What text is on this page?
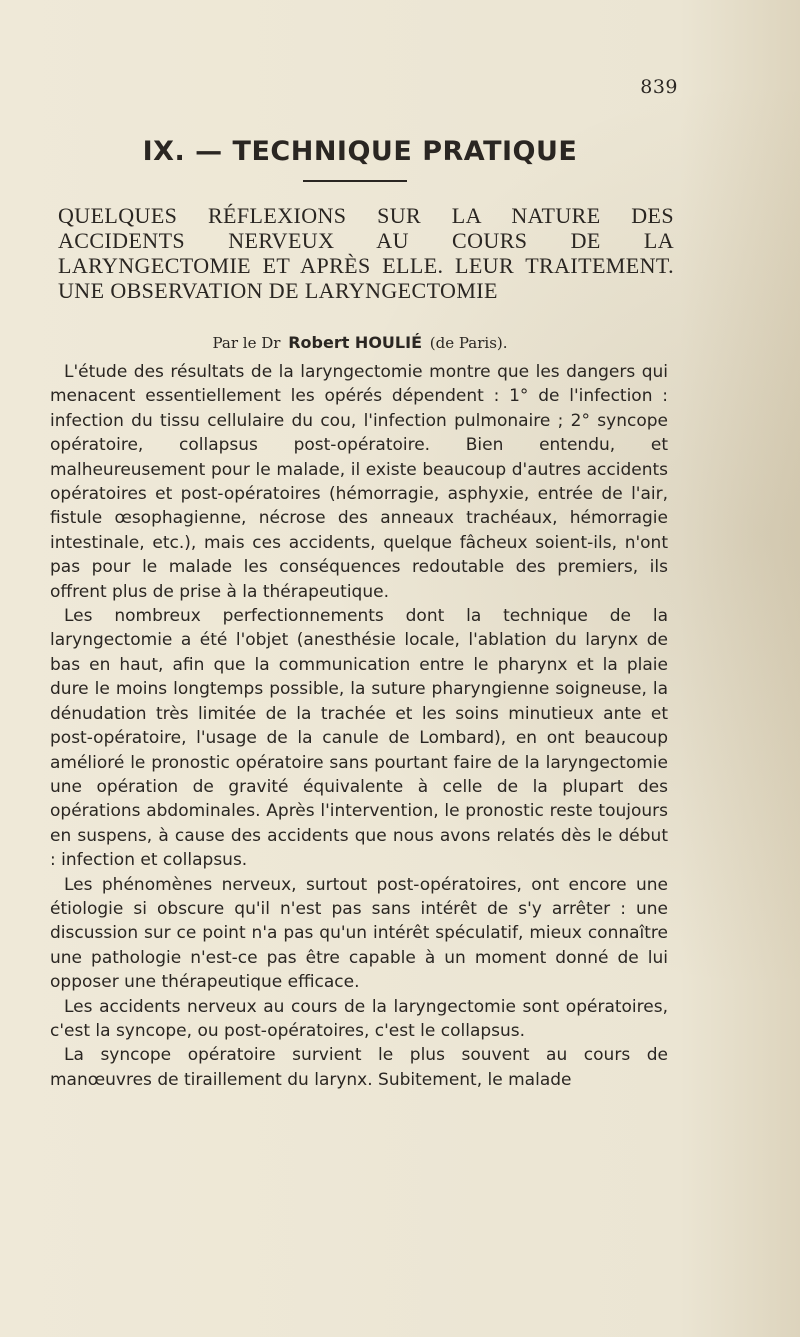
839
IX. — TECHNIQUE PRATIQUE

QUELQUES RÉFLEXIONS SUR LA NATURE DES ACCIDENTS NERVEUX AU COURS DE LA LARYNGECTOMIE ET APRÈS ELLE. LEUR TRAITEMENT. UNE OBSERVATION DE LARYNGECTOMIE

Par le Dr Robert HOULIÉ (de Paris).

L'étude des résultats de la laryngectomie montre que les dangers qui menacent essentiellement les opérés dépendent : 1° de l'infection : infection du tissu cellulaire du cou, l'infection pulmonaire ; 2° syncope opératoire, collapsus post-opératoire. Bien entendu, et malheureusement pour le malade, il existe beaucoup d'autres accidents opératoires et post-opératoires (hémorragie, asphyxie, entrée de l'air, fistule œsophagienne, nécrose des anneaux trachéaux, hémorragie intestinale, etc.), mais ces accidents, quelque fâcheux soient-ils, n'ont pas pour le malade les conséquences redoutable des premiers, ils offrent plus de prise à la thérapeutique.

Les nombreux perfectionnements dont la technique de la laryngectomie a été l'objet (anesthésie locale, l'ablation du larynx de bas en haut, afin que la communication entre le pharynx et la plaie dure le moins longtemps possible, la suture pharyngienne soigneuse, la dénudation très limitée de la trachée et les soins minutieux ante et post-opératoire, l'usage de la canule de Lombard), en ont beaucoup amélioré le pronostic opératoire sans pourtant faire de la laryngectomie une opération de gravité équivalente à celle de la plupart des opérations abdominales. Après l'intervention, le pronostic reste toujours en suspens, à cause des accidents que nous avons relatés dès le début : infection et collapsus.

Les phénomènes nerveux, surtout post-opératoires, ont encore une étiologie si obscure qu'il n'est pas sans intérêt de s'y arrêter : une discussion sur ce point n'a pas qu'un intérêt spéculatif, mieux connaître une pathologie n'est-ce pas être capable à un moment donné de lui opposer une thérapeutique efficace.

Les accidents nerveux au cours de la laryngectomie sont opératoires, c'est la syncope, ou post-opératoires, c'est le collapsus.

La syncope opératoire survient le plus souvent au cours de manœuvres de tiraillement du larynx. Subitement, le malade
